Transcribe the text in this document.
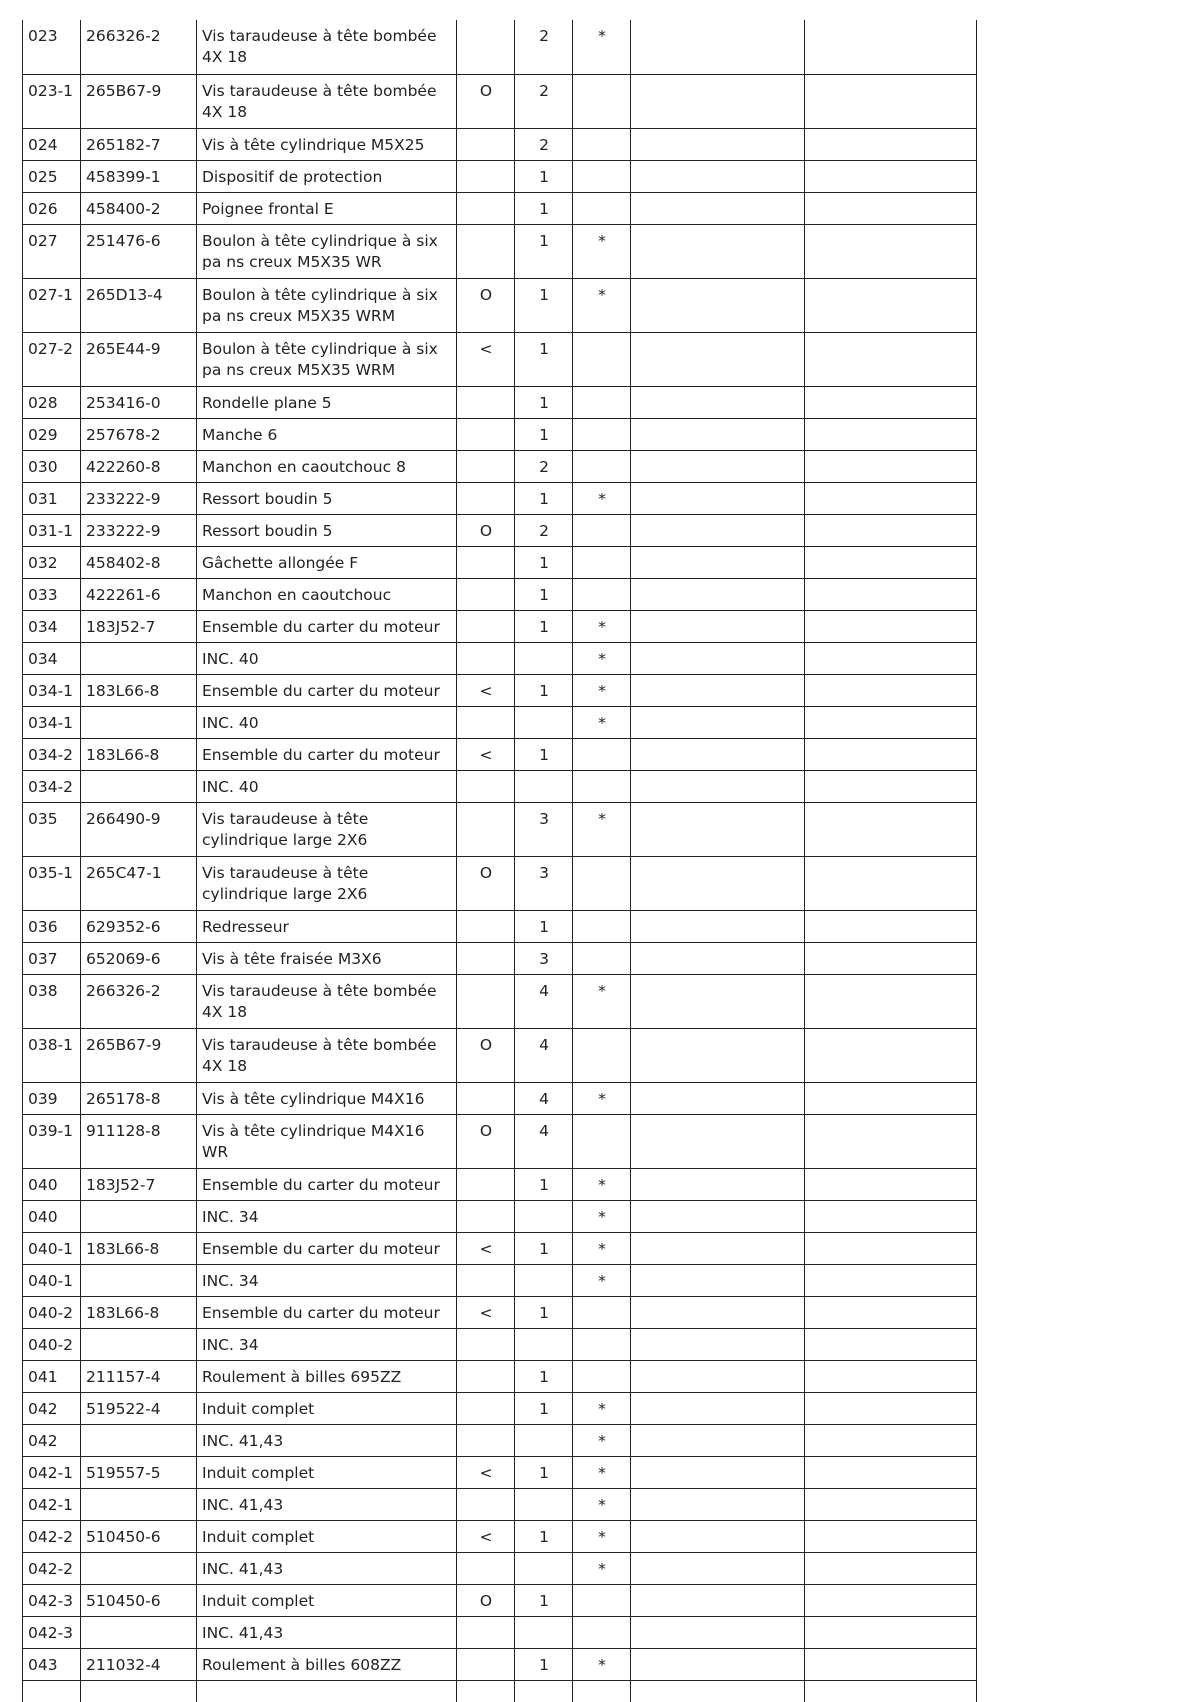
023	266326-2	Vis taraudeuse à tête bombée 4X 18		2	*		
023-1	265B67-9	Vis taraudeuse à tête bombée 4X 18	O	2			
024	265182-7	Vis à tête cylindrique M5X25		2			
025	458399-1	Dispositif de protection		1			
026	458400-2	Poignee frontal E		1			
027	251476-6	Boulon à tête cylindrique à six pa ns creux M5X35 WR		1	*		
027-1	265D13-4	Boulon à tête cylindrique à six pa ns creux M5X35 WRM	O	1	*		
027-2	265E44-9	Boulon à tête cylindrique à six pa ns creux M5X35 WRM	<	1			
028	253416-0	Rondelle plane 5		1			
029	257678-2	Manche 6		1			
030	422260-8	Manchon en caoutchouc 8		2			
031	233222-9	Ressort boudin 5		1	*		
031-1	233222-9	Ressort boudin 5	O	2			
032	458402-8	Gâchette allongée F		1			
033	422261-6	Manchon en caoutchouc		1			
034	183J52-7	Ensemble du carter du moteur		1	*		
034		INC. 40			*		
034-1	183L66-8	Ensemble du carter du moteur	<	1	*		
034-1		INC. 40			*		
034-2	183L66-8	Ensemble du carter du moteur	<	1			
034-2		INC. 40					
035	266490-9	Vis taraudeuse à tête cylindrique large 2X6		3	*		
035-1	265C47-1	Vis taraudeuse à tête cylindrique large 2X6	O	3			
036	629352-6	Redresseur		1			
037	652069-6	Vis à tête fraisée M3X6		3			
038	266326-2	Vis taraudeuse à tête bombée 4X 18		4	*		
038-1	265B67-9	Vis taraudeuse à tête bombée 4X 18	O	4			
039	265178-8	Vis à tête cylindrique M4X16		4	*		
039-1	911128-8	Vis à tête cylindrique M4X16 WR	O	4			
040	183J52-7	Ensemble du carter du moteur		1	*		
040		INC. 34			*		
040-1	183L66-8	Ensemble du carter du moteur	<	1	*		
040-1		INC. 34			*		
040-2	183L66-8	Ensemble du carter du moteur	<	1			
040-2		INC. 34					
041	211157-4	Roulement à billes 695ZZ		1			
042	519522-4	Induit complet		1	*		
042		INC. 41,43			*		
042-1	519557-5	Induit complet	<	1	*		
042-1		INC. 41,43			*		
042-2	510450-6	Induit complet	<	1	*		
042-2		INC. 41,43			*		
042-3	510450-6	Induit complet	O	1			
042-3		INC. 41,43					
043	211032-4	Roulement à billes 608ZZ		1	*		
